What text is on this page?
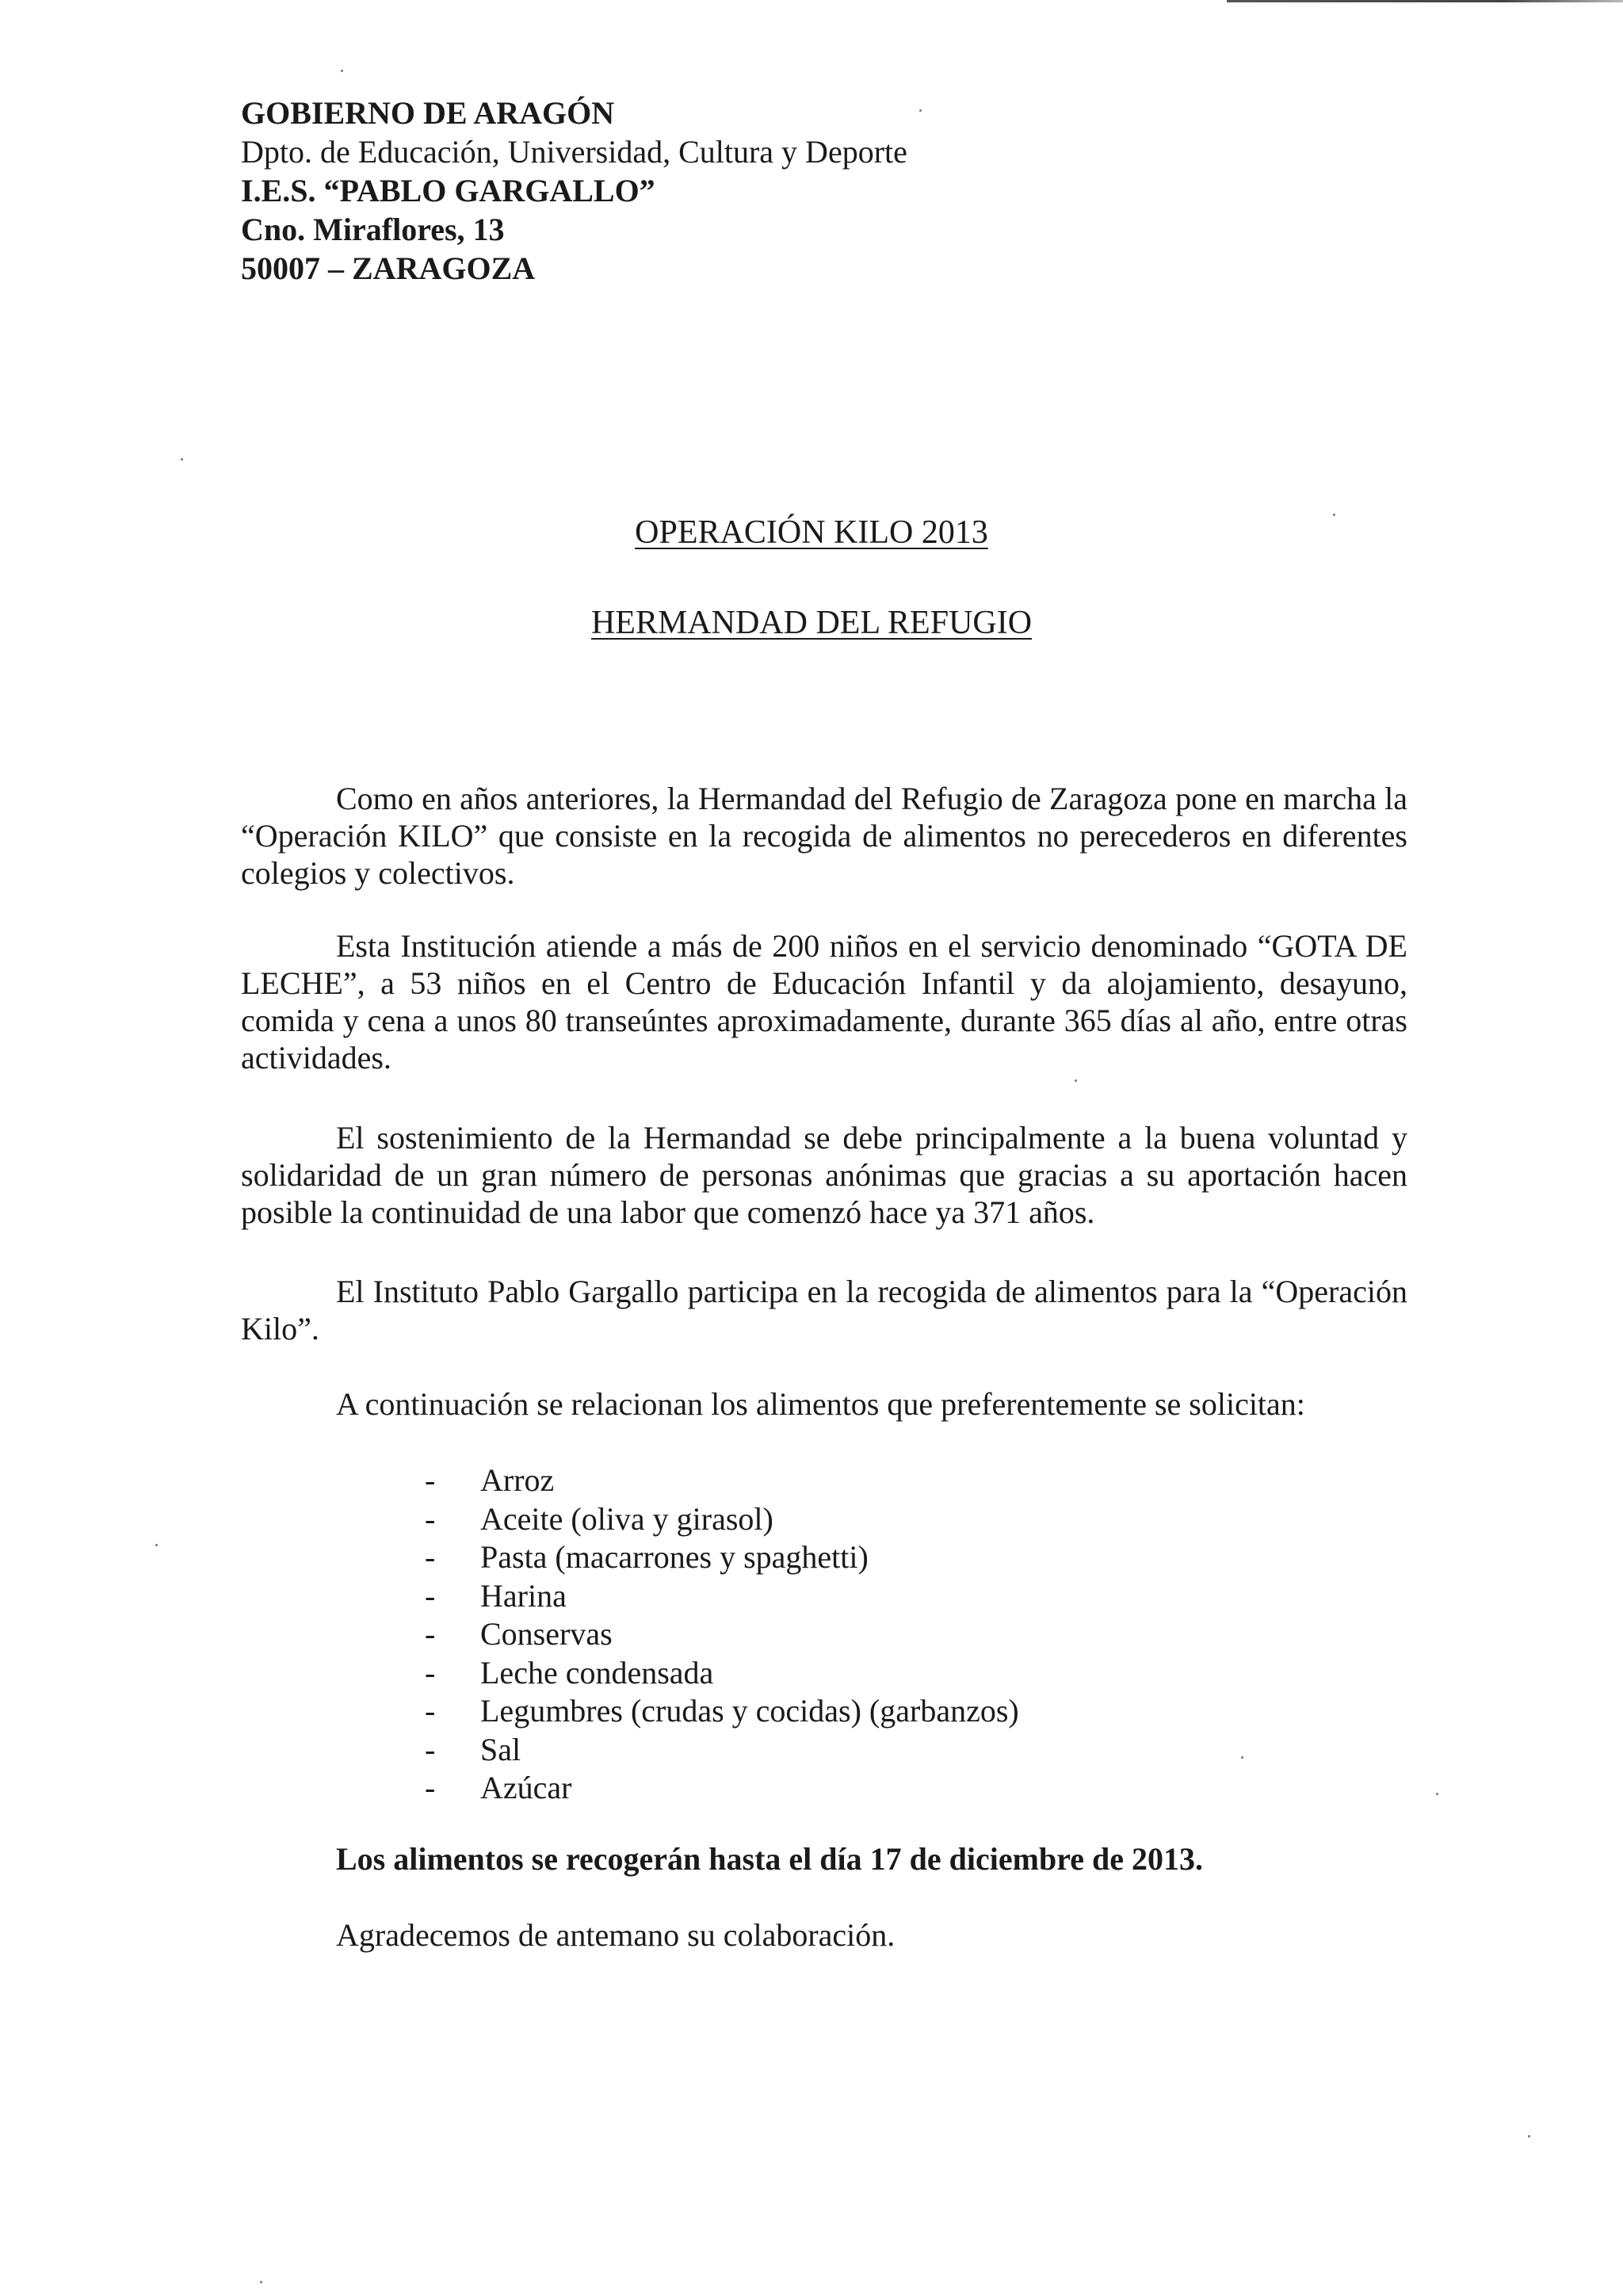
GOBIERNO DE ARAGÓN
Dpto. de Educación, Universidad, Cultura y Deporte
I.E.S. “PABLO GARGALLO”
Cno. Miraflores, 13
50007 – ZARAGOZA
OPERACIÓN KILO 2013
HERMANDAD DEL REFUGIO

Como en años anteriores, la Hermandad del Refugio de Zaragoza pone en marcha la “Operación KILO” que consiste en la recogida de alimentos no perecederos en diferentes colegios y colectivos.

Esta Institución atiende a más de 200 niños en el servicio denominado “GOTA DE LECHE”, a 53 niños en el Centro de Educación Infantil y da alojamiento, desayuno, comida y cena a unos 80 transeúntes aproximadamente, durante 365 días al año, entre otras actividades.

El sostenimiento de la Hermandad se debe principalmente a la buena voluntad y solidaridad de un gran número de personas anónimas que gracias a su aportación hacen posible la continuidad de una labor que comenzó hace ya 371 años.

El Instituto Pablo Gargallo participa en la recogida de alimentos para la “Operación Kilo”.

A continuación se relacionan los alimentos que preferentemente se solicitan:

- Arroz
- Aceite (oliva y girasol)
- Pasta (macarrones y spaghetti)
- Harina
- Conservas
- Leche condensada
- Legumbres (crudas y cocidas) (garbanzos)
- Sal
- Azúcar
Los alimentos se recogerán hasta el día 17 de diciembre de 2013.
Agradecemos de antemano su colaboración.
